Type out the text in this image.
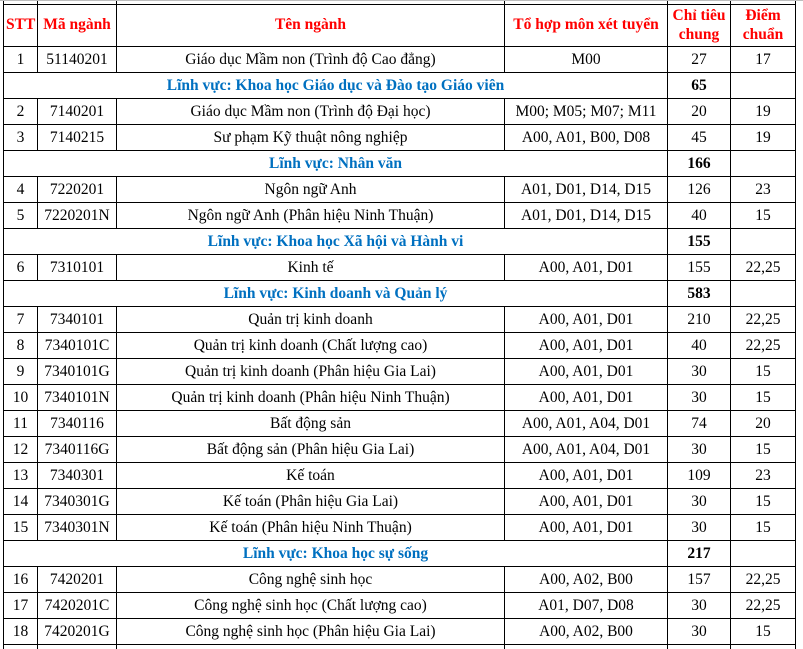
STT	Mã ngành	Tên ngành	Tổ hợp môn xét tuyển	Chỉ tiêu chung	Điểm chuẩn
1	51140201	Giáo dục Mầm non (Trình độ Cao đẳng)	M00	27	17
Lĩnh vực: Khoa học Giáo dục và Đào tạo Giáo viên				65	
2	7140201	Giáo dục Mầm non (Trình độ Đại học)	M00; M05; M07; M11	20	19
3	7140215	Sư phạm Kỹ thuật nông nghiệp	A00, A01, B00, D08	45	19
Lĩnh vực: Nhân văn				166	
4	7220201	Ngôn ngữ Anh	A01, D01, D14, D15	126	23
5	7220201N	Ngôn ngữ Anh (Phân hiệu Ninh Thuận)	A01, D01, D14, D15	40	15
Lĩnh vực: Khoa học Xã hội và Hành vi				155	
6	7310101	Kinh tế	A00, A01, D01	155	22,25
Lĩnh vực: Kinh doanh và Quản lý				583	
7	7340101	Quản trị kinh doanh	A00, A01, D01	210	22,25
8	7340101C	Quản trị kinh doanh (Chất lượng cao)	A00, A01, D01	40	22,25
9	7340101G	Quản trị kinh doanh (Phân hiệu Gia Lai)	A00, A01, D01	30	15
10	7340101N	Quản trị kinh doanh (Phân hiệu Ninh Thuận)	A00, A01, D01	30	15
11	7340116	Bất động sản	A00, A01, A04, D01	74	20
12	7340116G	Bất động sản (Phân hiệu Gia Lai)	A00, A01, A04, D01	30	15
13	7340301	Kế toán	A00, A01, D01	109	23
14	7340301G	Kế toán (Phân hiệu Gia Lai)	A00, A01, D01	30	15
15	7340301N	Kế toán (Phân hiệu Ninh Thuận)	A00, A01, D01	30	15
Lĩnh vực: Khoa học sự sống				217	
16	7420201	Công nghệ sinh học	A00, A02, B00	157	22,25
17	7420201C	Công nghệ sinh học (Chất lượng cao)	A01, D07, D08	30	22,25
18	7420201G	Công nghệ sinh học (Phân hiệu Gia Lai)	A00, A02, B00	30	15
